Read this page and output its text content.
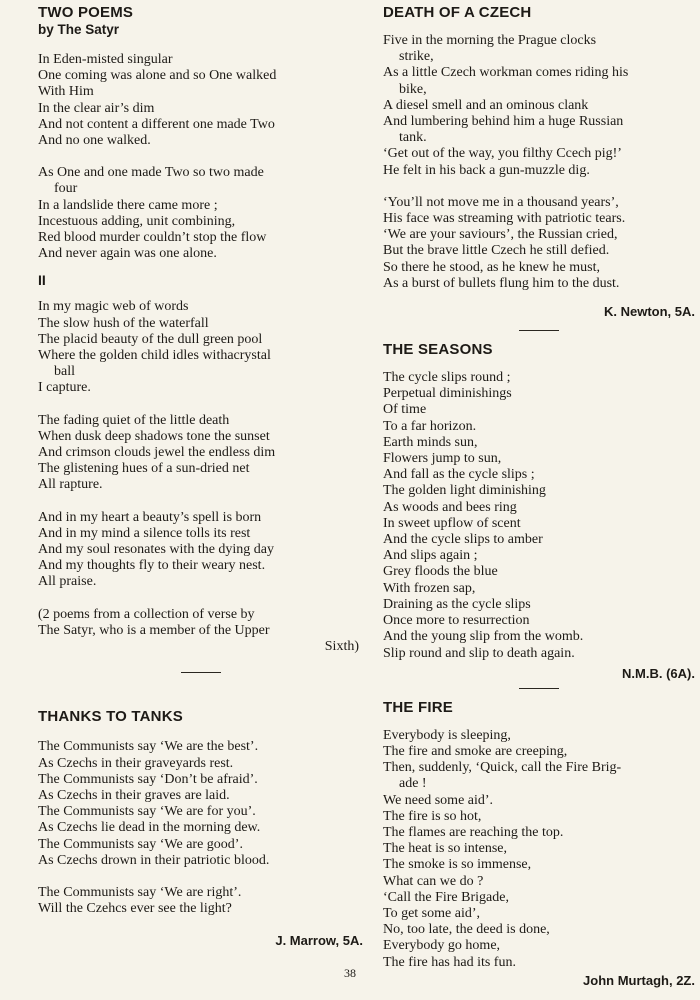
TWO POEMS
by The Satyr
In Eden-misted singular
One coming was alone and so One walked
With Him
In the clear air’s dim
And not content a different one made Two
And no one walked.
As One and one made Two so two made
four
In a landslide there came more ;
Incestuous adding, unit combining,
Red blood murder couldn’t stop the flow
And never again was one alone.
II
In my magic web of words
The slow hush of the waterfall
The placid beauty of the dull green pool
Where the golden child idles withacrystal
ball
I capture.
The fading quiet of the little death
When dusk deep shadows tone the sunset
And crimson clouds jewel the endless dim
The glistening hues of a sun-dried net
All rapture.
And in my heart a beauty’s spell is born
And in my mind a silence tolls its rest
And my soul resonates with the dying day
And my thoughts fly to their weary nest.
All praise.
(2 poems from a collection of verse by
The Satyr, who is a member of the Upper
Sixth)
THANKS TO TANKS
The Communists say ‘We are the best’.
As Czechs in their graveyards rest.
The Communists say ‘Don’t be afraid’.
As Czechs in their graves are laid.
The Communists say ‘We are for you’.
As Czechs lie dead in the morning dew.
The Communists say ‘We are good’.
As Czechs drown in their patriotic blood.
The Communists say ‘We are right’.
Will the Czehcs ever see the light?
J. Marrow, 5A.
DEATH OF A CZECH
Five in the morning the Prague clocks
strike,
As a little Czech workman comes riding his
bike,
A diesel smell and an ominous clank
And lumbering behind him a huge Russian
tank.
‘Get out of the way, you filthy Ccech pig!’
He felt in his back a gun-muzzle dig.
‘You’ll not move me in a thousand years’,
His face was streaming with patriotic tears.
‘We are your saviours’, the Russian cried,
But the brave little Czech he still defied.
So there he stood, as he knew he must,
As a burst of bullets flung him to the dust.
K. Newton, 5A.
THE SEASONS
The cycle slips round ;
Perpetual diminishings
Of time
To a far horizon.
Earth minds sun,
Flowers jump to sun,
And fall as the cycle slips ;
The golden light diminishing
As woods and bees ring
In sweet upflow of scent
And the cycle slips to amber
And slips again ;
Grey floods the blue
With frozen sap,
Draining as the cycle slips
Once more to resurrection
And the young slip from the womb.
Slip round and slip to death again.
N.M.B. (6A).
THE FIRE
Everybody is sleeping,
The fire and smoke are creeping,
Then, suddenly, ‘Quick, call the Fire Brig-
ade !
We need some aid’.
The fire is so hot,
The flames are reaching the top.
The heat is so intense,
The smoke is so immense,
What can we do ?
‘Call the Fire Brigade,
To get some aid’,
No, too late, the deed is done,
Everybody go home,
The fire has had its fun.
John Murtagh, 2Z.
38
